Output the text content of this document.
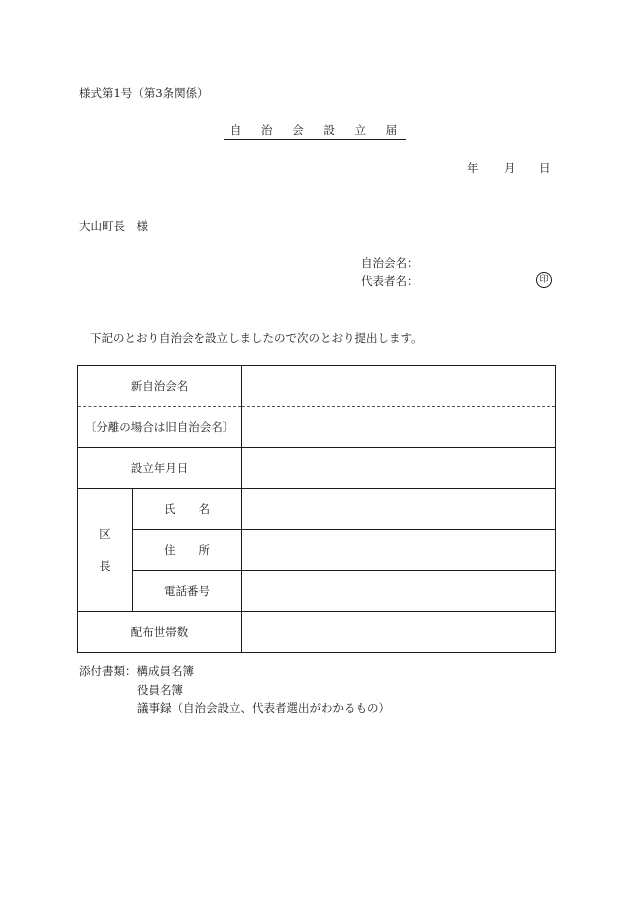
様式第1号（第3条関係）
自 治 会 設 立 届
年 月 日
大山町長　様
自治会名：
代表者名：	印
下記のとおり自治会を設立しましたので次のとおり提出します。
新自治会名		
〔分離の場合は旧自治会名〕		
設立年月日		

区
長	氏　　名	
	住　　所	
	電話番号	
配布世帯数		
添付書類：構成員名簿
役員名簿
議事録（自治会設立、代表者選出がわかるもの）
